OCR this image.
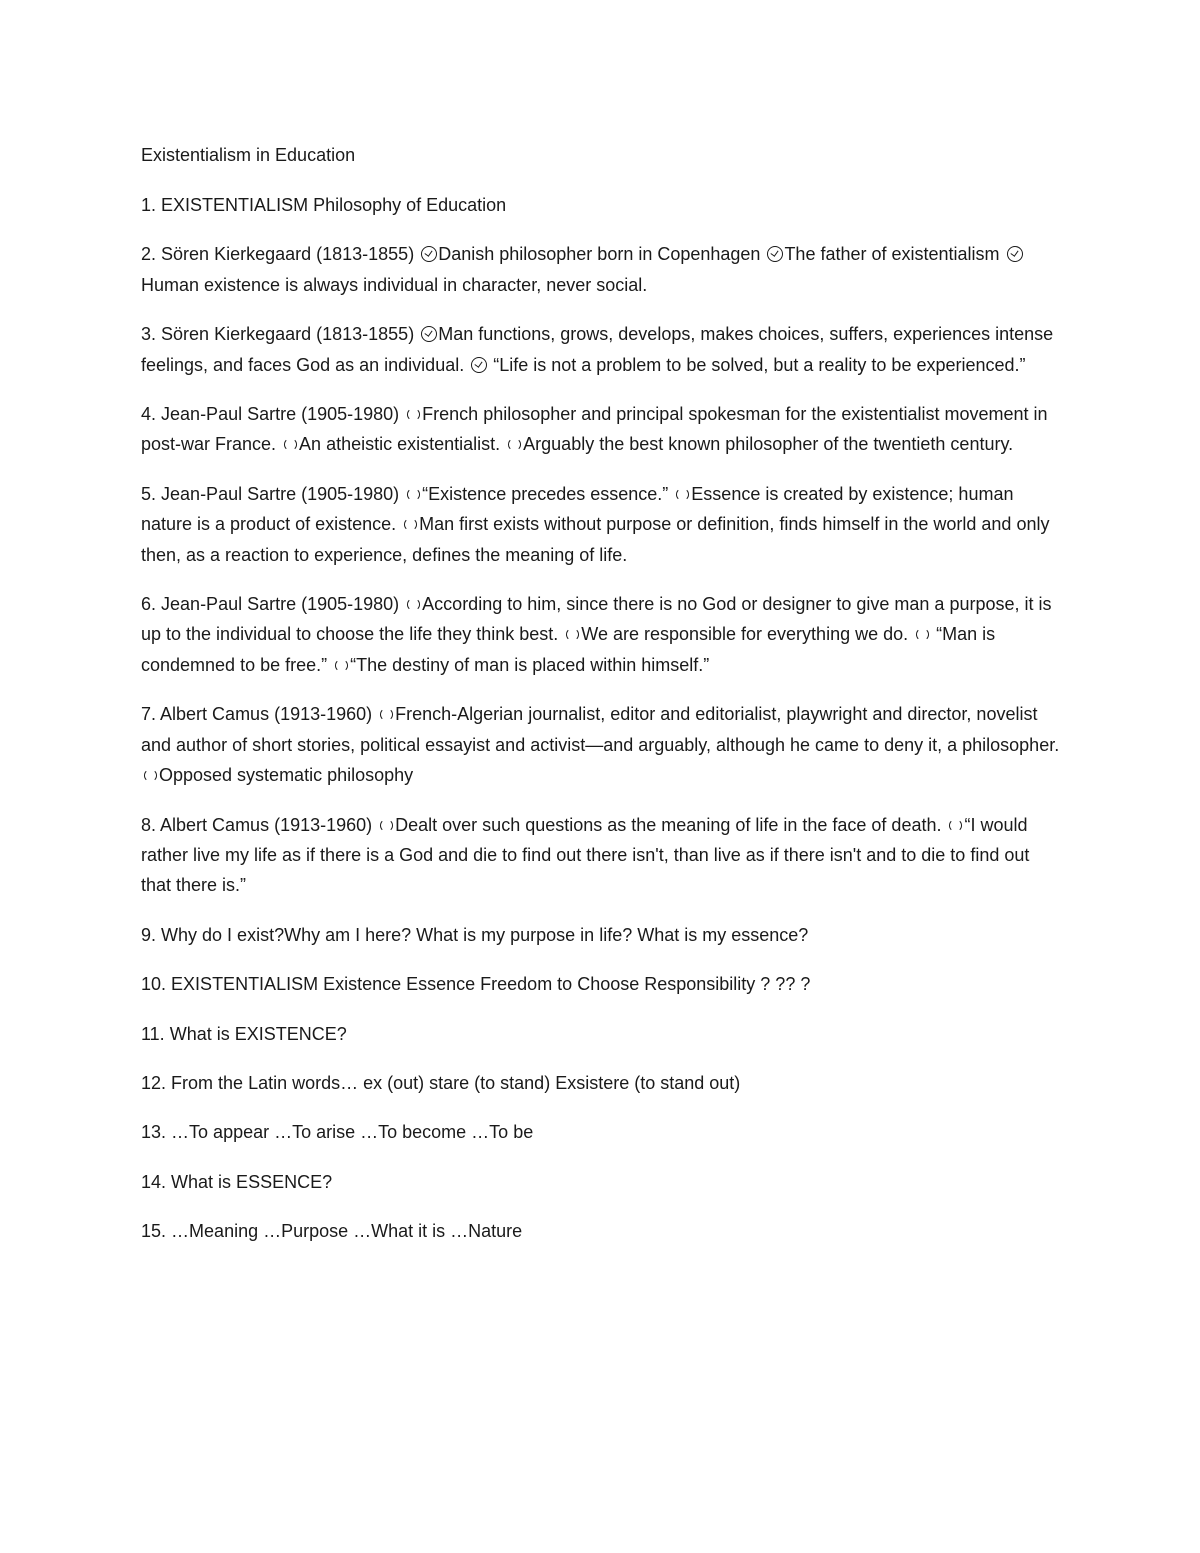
Existentialism in Education
1. EXISTENTIALISM Philosophy of Education
2. Sören Kierkegaard (1813-1855) Danish philosopher born in Copenhagen The father of existentialism Human existence is always individual in character, never social.
3. Sören Kierkegaard (1813-1855) Man functions, grows, develops, makes choices, suffers, experiences intense feelings, and faces God as an individual.  “Life is not a problem to be solved, but a reality to be experienced.”
4. Jean-Paul Sartre (1905-1980) French philosopher and principal spokesman for the existentialist movement in post-war France. An atheistic existentialist. Arguably the best known philosopher of the twentieth century.
5. Jean-Paul Sartre (1905-1980) “Existence precedes essence.” Essence is created by existence; human nature is a product of existence. Man first exists without purpose or definition, finds himself in the world and only then, as a reaction to experience, defines the meaning of life.
6. Jean-Paul Sartre (1905-1980) According to him, since there is no God or designer to give man a purpose, it is up to the individual to choose the life they think best. We are responsible for everything we do.  “Man is condemned to be free.” “The destiny of man is placed within himself.”
7. Albert Camus (1913-1960) French-Algerian journalist, editor and editorialist, playwright and director, novelist and author of short stories, political essayist and activist—and arguably, although he came to deny it, a philosopher. Opposed systematic philosophy
8. Albert Camus (1913-1960) Dealt over such questions as the meaning of life in the face of death. “I would rather live my life as if there is a God and die to find out there isn't, than live as if there isn't and to die to find out that there is.”
9. Why do I exist?Why am I here? What is my purpose in life? What is my essence?
10. EXISTENTIALISM Existence Essence Freedom to Choose Responsibility ? ?? ?
11. What is EXISTENCE?
12. From the Latin words… ex (out) stare (to stand) Exsistere (to stand out)
13. …To appear …To arise …To become …To be
14. What is ESSENCE?
15. …Meaning …Purpose …What it is …Nature
